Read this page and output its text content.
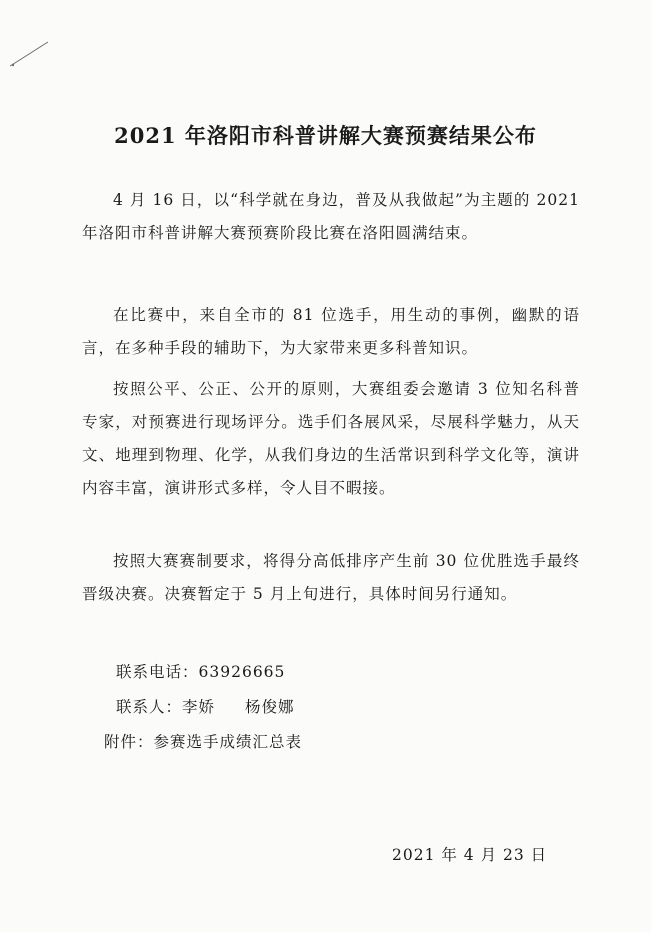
2021 年洛阳市科普讲解大赛预赛结果公布

4 月 16 日，以“科学就在身边，普及从我做起”为主题的 2021 年洛阳市科普讲解大赛预赛阶段比赛在洛阳圆满结束。

在比赛中，来自全市的 81 位选手，用生动的事例，幽默的语言，在多种手段的辅助下，为大家带来更多科普知识。

按照公平、公正、公开的原则，大赛组委会邀请 3 位知名科普专家，对预赛进行现场评分。选手们各展风采，尽展科学魅力，从天文、地理到物理、化学，从我们身边的生活常识到科学文化等，演讲内容丰富，演讲形式多样，令人目不暇接。

按照大赛赛制要求，将得分高低排序产生前 30 位优胜选手最终晋级决赛。决赛暂定于 5 月上旬进行，具体时间另行通知。

联系电话：63926665
联系人：李娇 杨俊娜
附件：参赛选手成绩汇总表
2021 年 4 月 23 日
